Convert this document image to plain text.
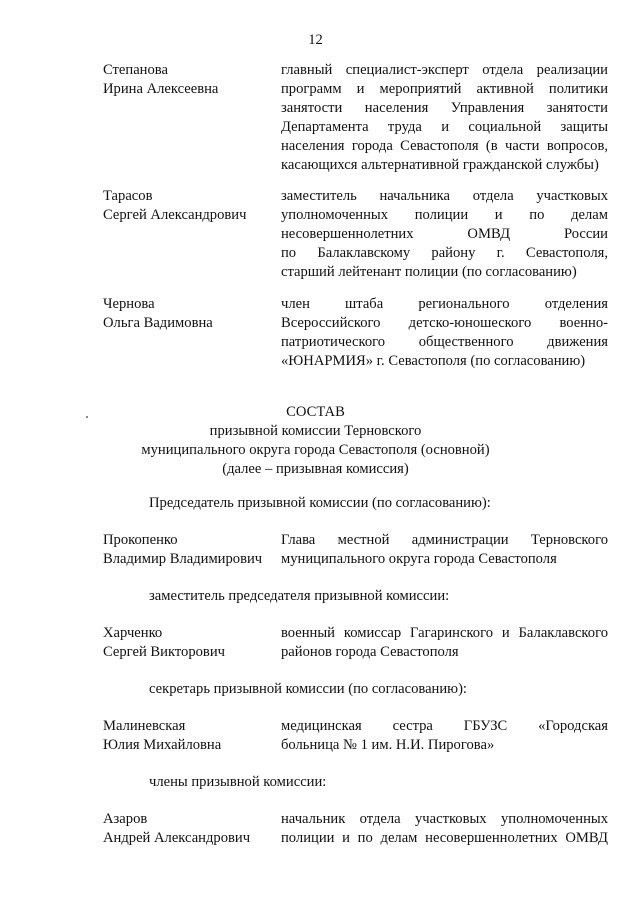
12
Степанова
Ирина Алексеевна
главный специалист-эксперт отдела реализации
программ и мероприятий активной политики
занятости населения Управления занятости
Департамента труда и социальной защиты
населения города Севастополя (в части вопросов,
касающихся альтернативной гражданской службы)
Тарасов
Сергей Александрович
заместитель начальника отдела участковых
уполномоченных полиции и по делам
несовершеннолетних ОМВД России
по Балаклавскому району г. Севастополя,
старший лейтенант полиции (по согласованию)
Чернова
Ольга Вадимовна
член штаба регионального отделения
Всероссийского детско-юношеского военно-
патриотического общественного движения
«ЮНАРМИЯ» г. Севастополя (по согласованию)
СОСТАВ
призывной комиссии Терновского
муниципального округа города Севастополя (основной)
(далее – призывная комиссия)
Председатель призывной комиссии (по согласованию):
Прокопенко
Владимир Владимирович
Глава местной администрации Терновского
муниципального округа города Севастополя
заместитель председателя призывной комиссии:
Харченко
Сергей Викторович
военный комиссар Гагаринского и Балаклавского
районов города Севастополя
секретарь призывной комиссии (по согласованию):
Малиневская
Юлия Михайловна
медицинская сестра ГБУЗС «Городская
больница № 1 им. Н.И. Пирогова»
члены призывной комиссии:
Азаров
Андрей Александрович
начальник отдела участковых уполномоченных
полиции и по делам несовершеннолетних ОМВД
